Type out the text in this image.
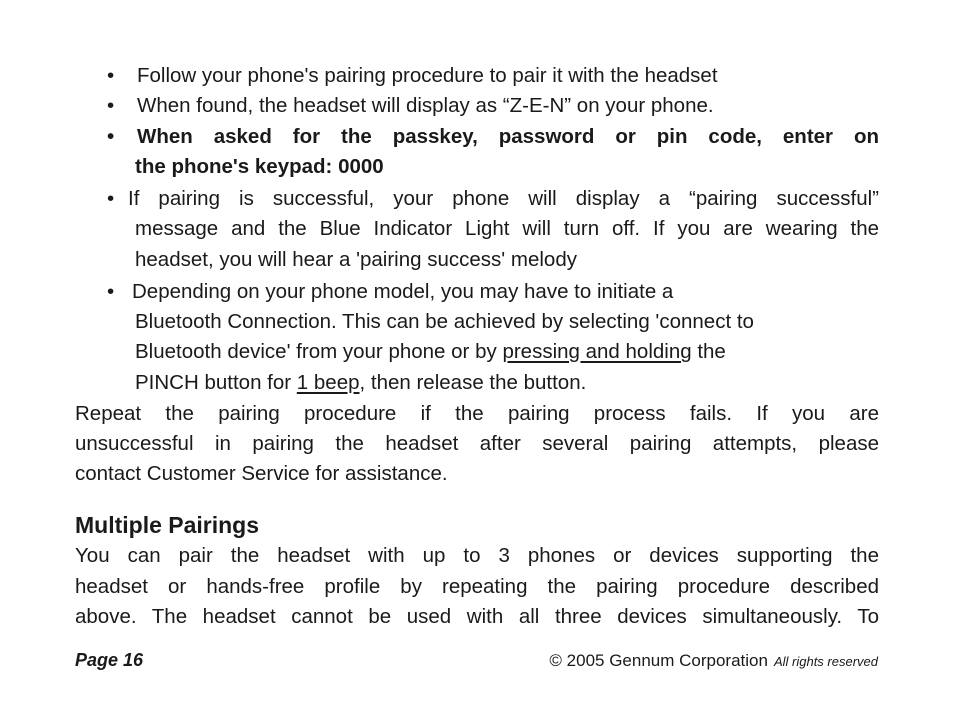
• Follow your phone's pairing procedure to pair it with the headset
• When found, the headset will display as “Z-E-N” on your phone.
• When asked for the passkey, password or pin code, enter on
the phone's keypad: 0000
• If pairing is successful, your phone will display a “pairing successful”
message and the Blue Indicator Light will turn off. If you are wearing the
headset, you will hear a 'pairing success' melody
• Depending on your phone model, you may have to initiate a
Bluetooth Connection. This can be achieved by selecting 'connect to
Bluetooth device' from your phone or by pressing and holding the
PINCH button for 1 beep, then release the button.
Repeat the pairing procedure if the pairing process fails. If you are
unsuccessful in pairing the headset after several pairing attempts, please
contact Customer Service for assistance.
Multiple Pairings
You can pair the headset with up to 3 phones or devices supporting the
headset or hands-free profile by repeating the pairing procedure described
above. The headset cannot be used with all three devices simultaneously. To
Page 16	© 2005 Gennum Corporation All rights reserved
